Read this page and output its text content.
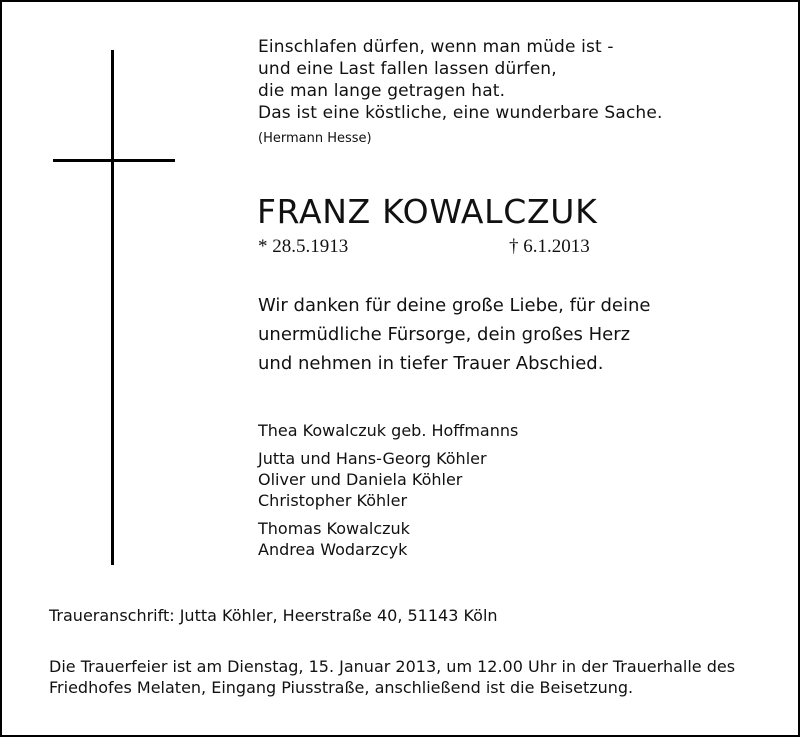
Einschlafen dürfen, wenn man müde ist -
und eine Last fallen lassen dürfen,
die man lange getragen hat.
Das ist eine köstliche, eine wunderbare Sache.
(Hermann Hesse)
FRANZ KOWALCZUK
* 28.5.1913	† 6.1.2013
Wir danken für deine große Liebe, für deine
unermüdliche Fürsorge, dein großes Herz
und nehmen in tiefer Trauer Abschied.
Thea Kowalczuk geb. Hoffmanns
Jutta und Hans-Georg Köhler
Oliver und Daniela Köhler
Christopher Köhler
Thomas Kowalczuk
Andrea Wodarzcyk
Traueranschrift: Jutta Köhler, Heerstraße 40, 51143 Köln
Die Trauerfeier ist am Dienstag, 15. Januar 2013, um 12.00 Uhr in der Trauerhalle des
Friedhofes Melaten, Eingang Piusstraße, anschließend ist die Beisetzung.
